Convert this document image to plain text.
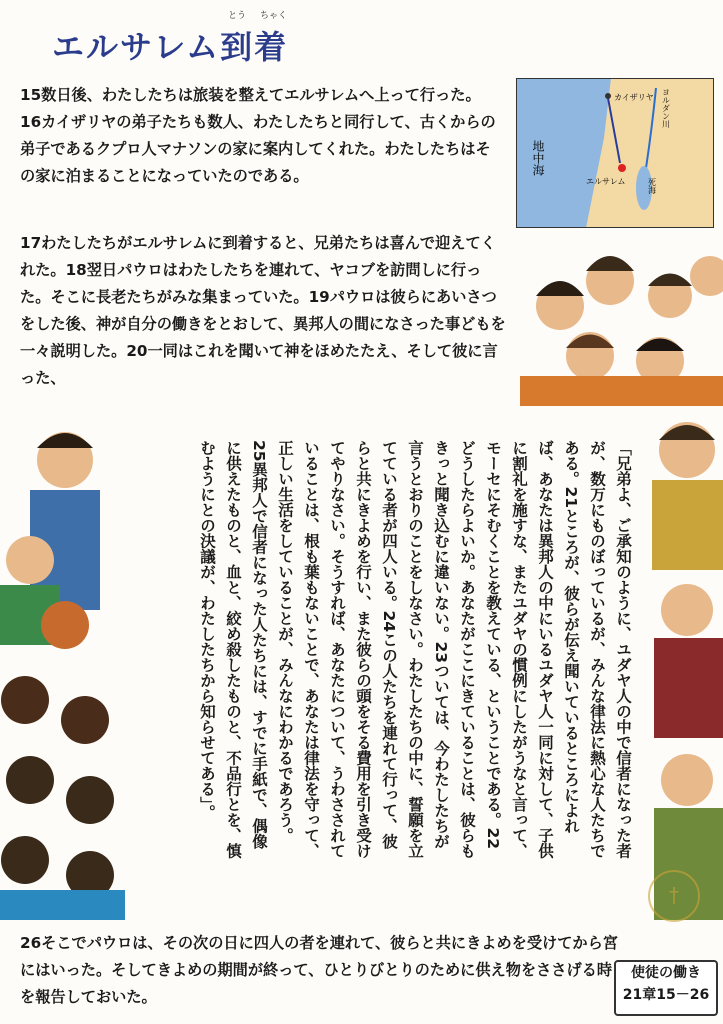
エルサレム到着
とう ちゃく
カイザリヤ
地中海
ヨルダン川
エルサレム	死海
15数日後、わたしたちは旅装を整えてエルサレムへ上って行った。16カイザリヤの弟子たちも数人、わたしたちと同行して、古くからの弟子であるクプロ人マナソンの家に案内してくれた。わたしたちはその家に泊まることになっていたのである。
17わたしたちがエルサレムに到着すると、兄弟たちは喜んで迎えてくれた。18翌日パウロはわたしたちを連れて、ヤコブを訪問しに行った。そこに長老たちがみな集まっていた。19パウロは彼らにあいさつをした後、神が自分の働きをとおして、異邦人の間になさった事どもを一々説明した。20一同はこれを聞いて神をほめたたえ、そして彼に言った、
「兄弟よ、ご承知のように、ユダヤ人の中で信者になった者が、数万にものぼっているが、みんな律法に熱心な人たちである。21ところが、彼らが伝え聞いているところによれば、あなたは異邦人の中にいるユダヤ人一同に対して、子供に割礼を施すな、またユダヤの慣例にしたがうなと言って、モーセにそむくことを教えている、ということである。22どうしたらよいか。あなたがここにきていることは、彼らもきっと聞き込むに違いない。23ついては、今わたしたちが言うとおりのことをしなさい。わたしたちの中に、誓願を立てている者が四人いる。24この人たちを連れて行って、彼らと共にきよめを行い、また彼らの頭をそる費用を引き受けてやりなさい。そうすれば、あなたについて、うわさされていることは、根も葉もないことで、あなたは律法を守って、正しい生活をしていることが、みんなにわかるであろう。25異邦人で信者になった人たちには、すでに手紙で、偶像に供えたものと、血と、絞め殺したものと、不品行とを、慎むようにとの決議が、わたしたちから知らせてある」。
26そこでパウロは、その次の日に四人の者を連れて、彼らと共にきよめを受けてから宮にはいった。そしてきよめの期間が終って、ひとりびとりのために供え物をささげる時を報告しておいた。
†
使徒の働き
21章15－26
